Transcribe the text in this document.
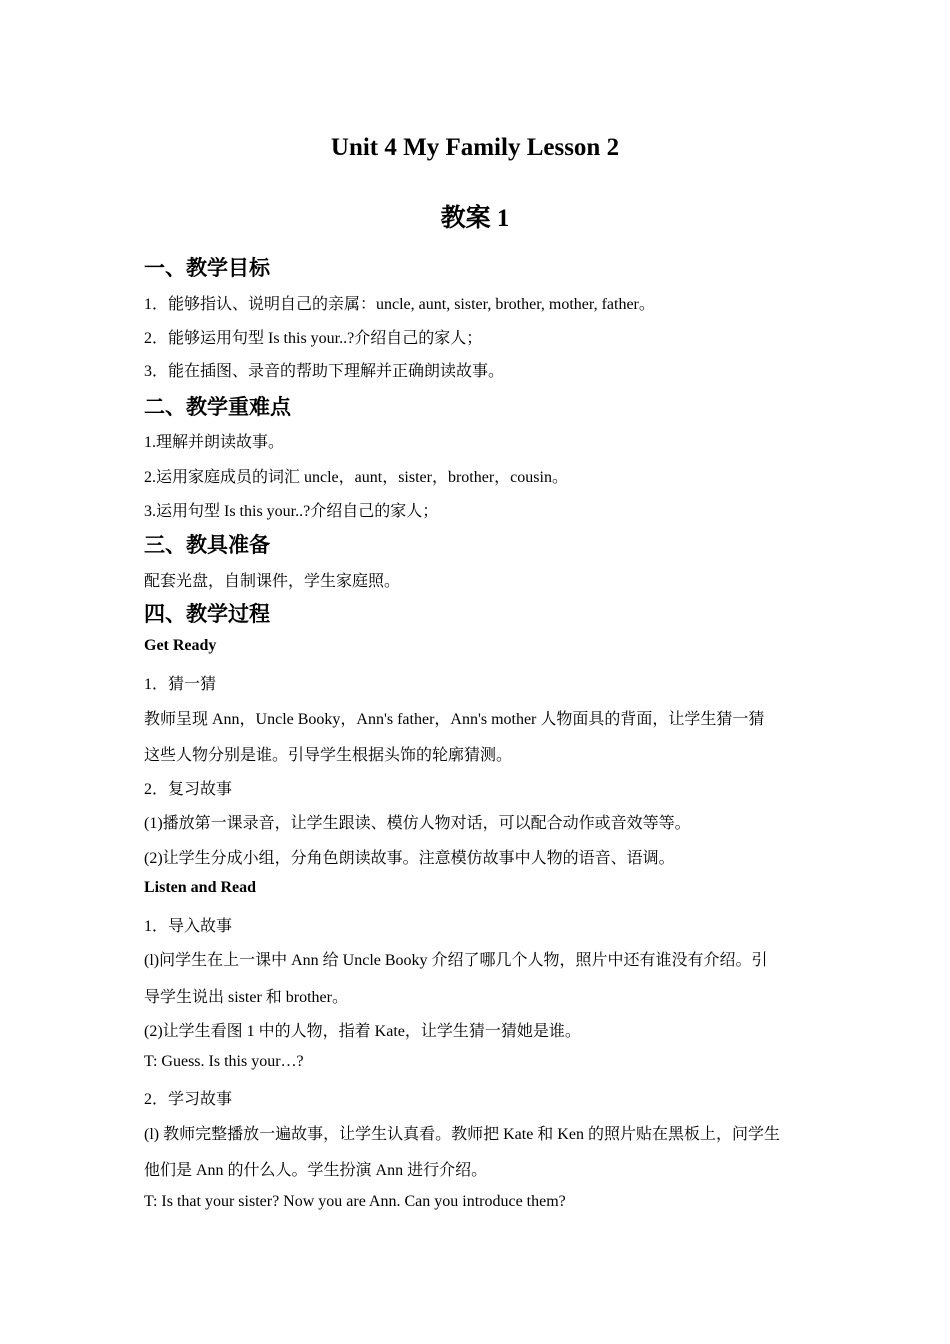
Unit 4 My Family Lesson 2
教案 1
一、教学目标
1．能够指认、说明自己的亲属：uncle, aunt, sister, brother, mother, father。
2．能够运用句型 Is this your..?介绍自己的家人；
3．能在插图、录音的帮助下理解并正确朗读故事。
二、教学重难点
1.理解并朗读故事。
2.运用家庭成员的词汇 uncle，aunt，sister，brother，cousin。
3.运用句型 Is this your..?介绍自己的家人；
三、教具准备
配套光盘，自制课件，学生家庭照。
四、教学过程
Get Ready
1．猜一猜
教师呈现 Ann，Uncle Booky，Ann's father，Ann's mother 人物面具的背面，让学生猜一猜
这些人物分别是谁。引导学生根据头饰的轮廓猜测。
2．复习故事
(1)播放第一课录音，让学生跟读、模仿人物对话，可以配合动作或音效等等。
(2)让学生分成小组，分角色朗读故事。注意模仿故事中人物的语音、语调。
Listen and Read
1．导入故事
(l)问学生在上一课中 Ann 给 Uncle Booky 介绍了哪几个人物，照片中还有谁没有介绍。引
导学生说出 sister 和 brother。
(2)让学生看图 1 中的人物，指着 Kate，让学生猜一猜她是谁。
T: Guess. Is this your…?
2．学习故事
(l) 教师完整播放一遍故事，让学生认真看。教师把 Kate 和 Ken 的照片贴在黑板上，问学生
他们是 Ann 的什么人。学生扮演 Ann 进行介绍。
T: Is that your sister? Now you are Ann. Can you introduce them?
